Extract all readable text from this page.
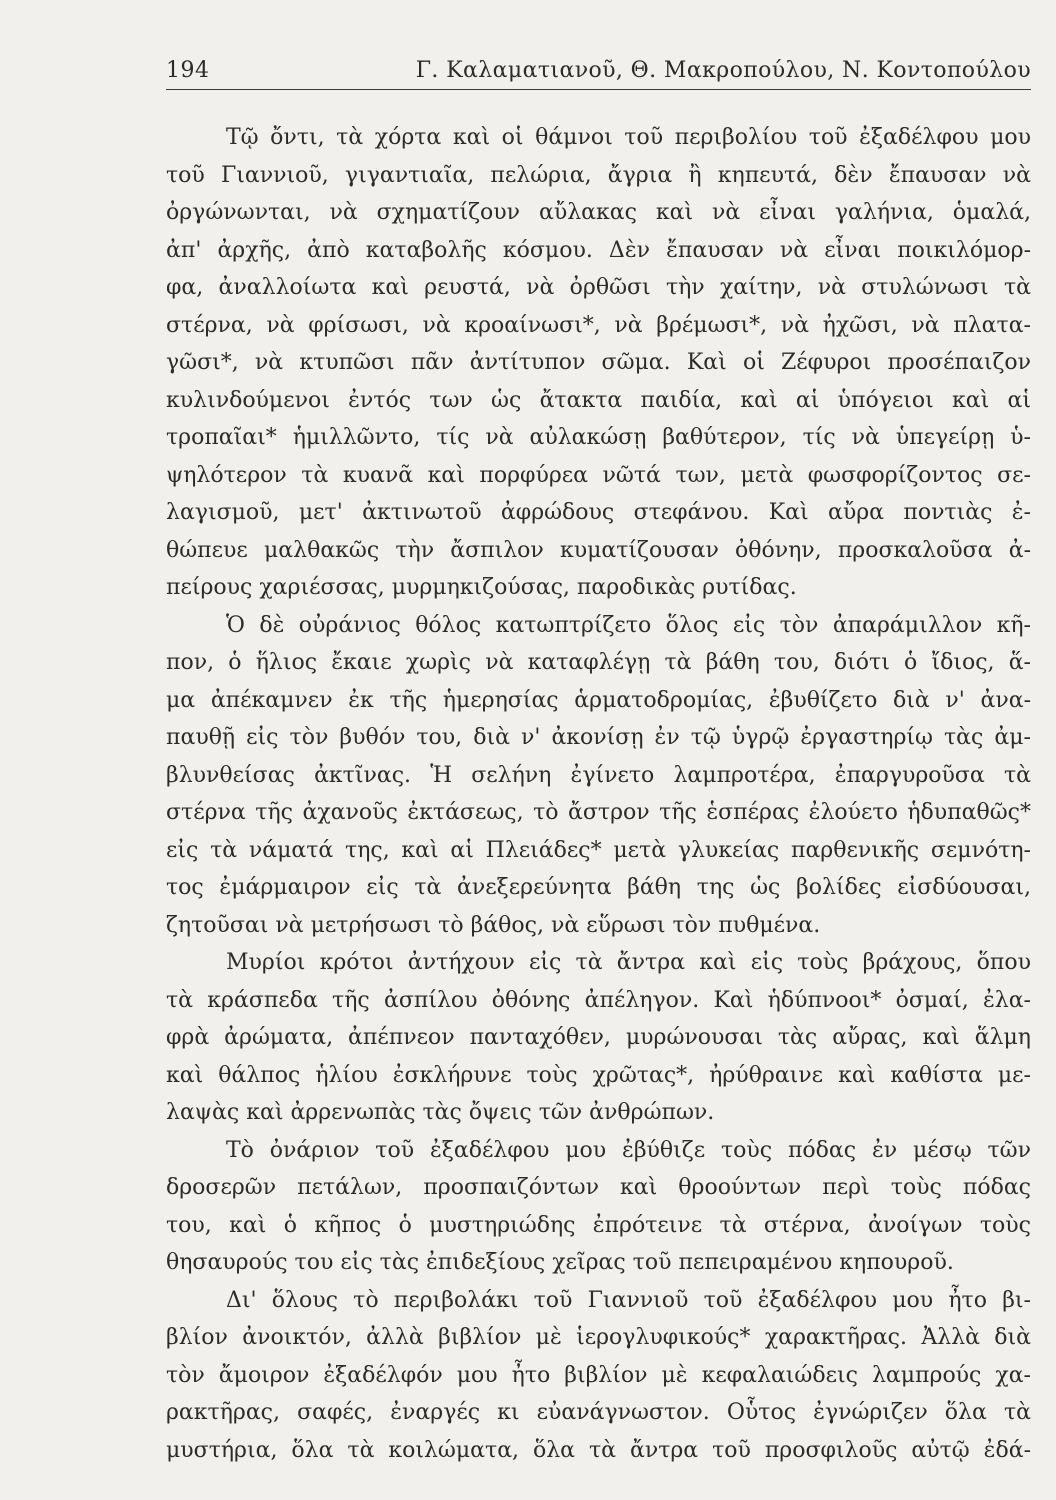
194	Γ. Καλαματιανοῦ, Θ. Μακροπούλου, Ν. Κοντοπούλου
Τῷ ὄντι, τὰ χόρτα καὶ οἱ θάμνοι τοῦ περιβολίου τοῦ ἐξαδέλφου μου
τοῦ Γιαννιοῦ, γιγαντιαῖα, πελώρια, ἄγρια ἢ κηπευτά, δὲν ἔπαυσαν νὰ
ὀργώνωνται, νὰ σχηματίζουν αὔλακας καὶ νὰ εἶναι γαλήνια, ὁμαλά,
ἀπ' ἀρχῆς, ἀπὸ καταβολῆς κόσμου. Δὲν ἔπαυσαν νὰ εἶναι ποικιλόμορ-
φα, ἀναλλοίωτα καὶ ρευστά, νὰ ὀρθῶσι τὴν χαίτην, νὰ στυλώνωσι τὰ
στέρνα, νὰ φρίσωσι, νὰ κροαίνωσι*, νὰ βρέμωσι*, νὰ ἠχῶσι, νὰ πλατα-
γῶσι*, νὰ κτυπῶσι πᾶν ἀντίτυπον σῶμα. Καὶ οἱ Ζέφυροι προσέπαιζον
κυλινδούμενοι ἐντός των ὡς ἄτακτα παιδία, καὶ αἱ ὑπόγειοι καὶ αἱ
τροπαῖαι* ἡμιλλῶντο, τίς νὰ αὐλακώσῃ βαθύτερον, τίς νὰ ὑπεγείρῃ ὑ-
ψηλότερον τὰ κυανᾶ καὶ πορφύρεα νῶτά των, μετὰ φωσφορίζοντος σε-
λαγισμοῦ, μετ' ἀκτινωτοῦ ἀφρώδους στεφάνου. Καὶ αὔρα ποντιὰς ἐ-
θώπευε μαλθακῶς τὴν ἄσπιλον κυματίζουσαν ὀθόνην, προσκαλοῦσα ἀ-
πείρους χαριέσσας, μυρμηκιζούσας, παροδικὰς ρυτίδας.
Ὁ δὲ οὐράνιος θόλος κατωπτρίζετο ὅλος εἰς τὸν ἀπαράμιλλον κῆ-
πον, ὁ ἥλιος ἔκαιε χωρὶς νὰ καταφλέγῃ τὰ βάθη του, διότι ὁ ἴδιος, ἅ-
μα ἀπέκαμνεν ἐκ τῆς ἡμερησίας ἁρματοδρομίας, ἐβυθίζετο διὰ ν' ἀνα-
παυθῇ εἰς τὸν βυθόν του, διὰ ν' ἀκονίσῃ ἐν τῷ ὑγρῷ ἐργαστηρίῳ τὰς ἀμ-
βλυνθείσας ἀκτῖνας. Ἡ σελήνη ἐγίνετο λαμπροτέρα, ἐπαργυροῦσα τὰ
στέρνα τῆς ἀχανοῦς ἐκτάσεως, τὸ ἄστρον τῆς ἑσπέρας ἐλούετο ἡδυπαθῶς*
εἰς τὰ νάματά της, καὶ αἱ Πλειάδες* μετὰ γλυκείας παρθενικῆς σεμνότη-
τος ἐμάρμαιρον εἰς τὰ ἀνεξερεύνητα βάθη της ὡς βολίδες εἰσδύουσαι,
ζητοῦσαι νὰ μετρήσωσι τὸ βάθος, νὰ εὕρωσι τὸν πυθμένα.
Μυρίοι κρότοι ἀντήχουν εἰς τὰ ἄντρα καὶ εἰς τοὺς βράχους, ὅπου
τὰ κράσπεδα τῆς ἀσπίλου ὀθόνης ἀπέληγον. Καὶ ἡδύπνοοι* ὀσμαί, ἐλα-
φρὰ ἀρώματα, ἀπέπνεον πανταχόθεν, μυρώνουσαι τὰς αὔρας, καὶ ἅλμη
καὶ θάλπος ἡλίου ἐσκλήρυνε τοὺς χρῶτας*, ἠρύθραινε καὶ καθίστα με-
λαψὰς καὶ ἀρρενωπὰς τὰς ὄψεις τῶν ἀνθρώπων.
Τὸ ὀνάριον τοῦ ἐξαδέλφου μου ἐβύθιζε τοὺς πόδας ἐν μέσῳ τῶν
δροσερῶν πετάλων, προσπαιζόντων καὶ θροούντων περὶ τοὺς πόδας
του, καὶ ὁ κῆπος ὁ μυστηριώδης ἐπρότεινε τὰ στέρνα, ἀνοίγων τοὺς
θησαυρούς του εἰς τὰς ἐπιδεξίους χεῖρας τοῦ πεπειραμένου κηπουροῦ.
Δι' ὅλους τὸ περιβολάκι τοῦ Γιαννιοῦ τοῦ ἐξαδέλφου μου ἦτο βι-
βλίον ἀνοικτόν, ἀλλὰ βιβλίον μὲ ἱερογλυφικούς* χαρακτῆρας. Ἀλλὰ διὰ
τὸν ἄμοιρον ἐξαδέλφόν μου ἦτο βιβλίον μὲ κεφαλαιώδεις λαμπρούς χα-
ρακτῆρας, σαφές, ἐναργές κι εὐανάγνωστον. Οὗτος ἐγνώριζεν ὅλα τὰ
μυστήρια, ὅλα τὰ κοιλώματα, ὅλα τὰ ἄντρα τοῦ προσφιλοῦς αὐτῷ ἐδά-
